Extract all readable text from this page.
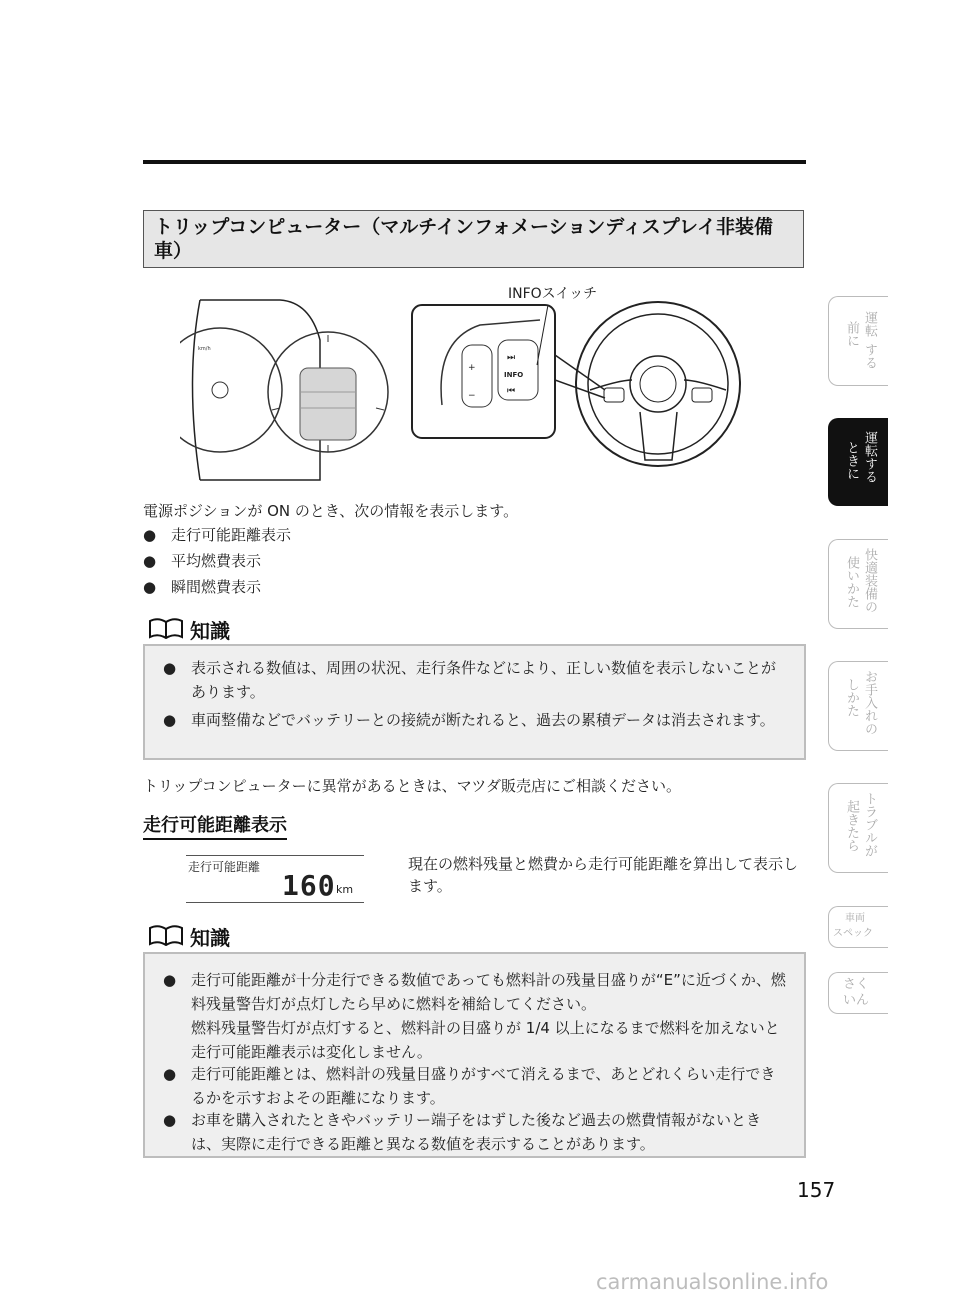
トリップコンピューター（マルチインフォメーションディスプレイ非装備車）
km/h
INFO
⏭
⏮
+
−
INFOスイッチ
電源ポジションが ON のとき、次の情報を表示します。
● 走行可能距離表示
● 平均燃費表示
● 瞬間燃費表示
知識
● 表示される数値は、周囲の状況、走行条件などにより、正しい数値を表示しないことがあります。
● 車両整備などでバッテリーとの接続が断たれると、過去の累積データは消去されます。
トリップコンピューターに異常があるときは、マツダ販売店にご相談ください。
走行可能距離表示
走行可能距離
160 km
現在の燃料残量と燃費から走行可能距離を算出して表示します。
知識
● 走行可能距離が十分走行できる数値であっても燃料計の残量目盛りが“E”に近づくか、燃料残量警告灯が点灯したら早めに燃料を補給してください。
燃料残量警告灯が点灯すると、燃料計の目盛りが 1/4 以上になるまで燃料を加えないと走行可能距離表示は変化しません。
● 走行可能距離とは、燃料計の残量目盛りがすべて消えるまで、あとどれくらい走行できるかを示すおよその距離になります。
● お車を購入されたときやバッテリー端子をはずした後など過去の燃費情報がないときは、実際に走行できる距離と異なる数値を表示することがあります。
運転
前に
する
運転する
ときに
快適装備の
使いかた
お手入れの
しかた
トラブルが
起きたら
車両
スペック
さく
いん
157
carmanualsonline.info
